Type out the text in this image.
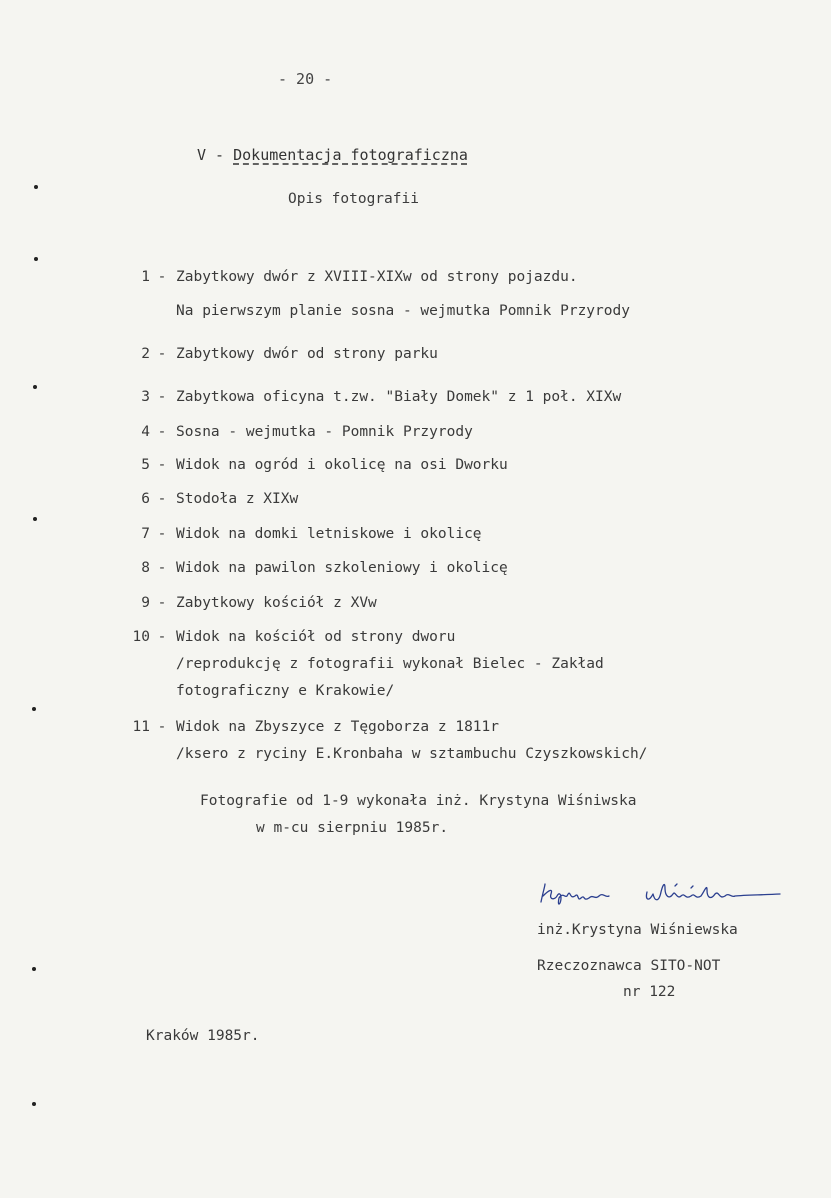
- 20 -
V - Dokumentacja fotograficzna
Opis fotografii
1 - Zabytkowy dwór z XVIII-XIXw od strony pojazdu.
Na pierwszym planie sosna - wejmutka Pomnik Przyrody
2 - Zabytkowy dwór od strony parku
3 - Zabytkowa oficyna t.zw. "Biały Domek" z 1 poł. XIXw
4 - Sosna - wejmutka - Pomnik Przyrody
5 - Widok na ogród i okolicę na osi Dworku
6 - Stodoła z XIXw
7 - Widok na domki letniskowe i okolicę
8 - Widok na pawilon szkoleniowy i okolicę
9 - Zabytkowy kościół z XVw
10 - Widok na kościół od strony dworu
/reprodukcję z fotografii wykonał Bielec - Zakład
fotograficzny e Krakowie/
11 - Widok na Zbyszyce z Tęgoborza z 1811r
/ksero z ryciny E.Kronbaha w sztambuchu Czyszkowskich/
Fotografie od 1-9 wykonała inż. Krystyna Wiśniwska
w m-cu sierpniu 1985r.
inż.Krystyna Wiśniewska
Rzeczoznawca SITO-NOT
nr 122
Kraków 1985r.
